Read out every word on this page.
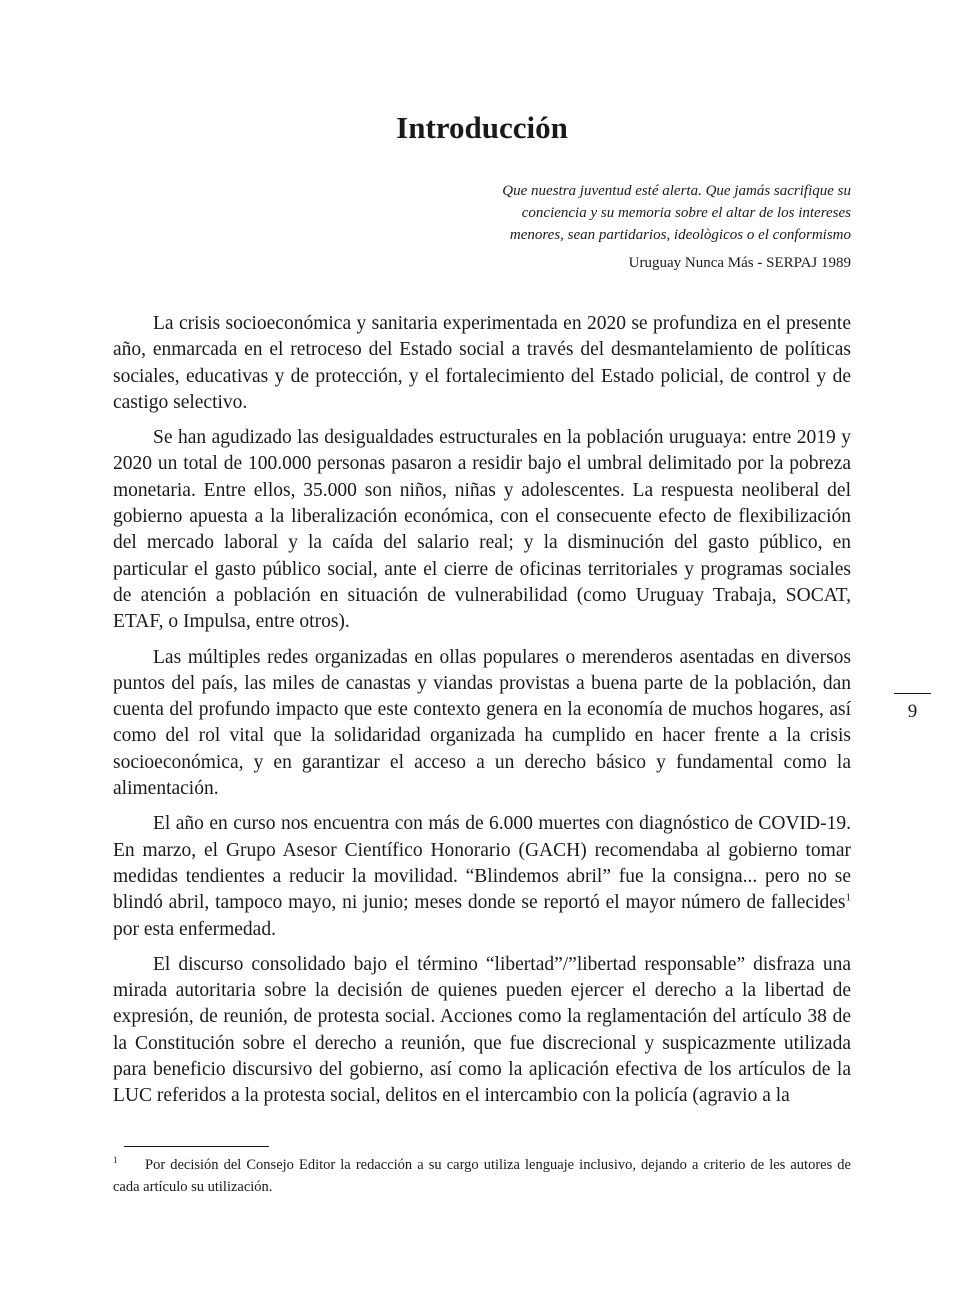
Introducción

Que nuestra juventud esté alerta. Que jamás sacrifique su
conciencia y su memoria sobre el altar de los intereses
menores, sean partidarios, ideològicos o el conformismo

Uruguay Nunca Más - SERPAJ 1989

La crisis socioeconómica y sanitaria experimentada en 2020 se profundiza en el presente año, enmarcada en el retroceso del Estado social a través del desmantelamiento de políticas sociales, educativas y de protección, y el fortalecimiento del Estado policial, de control y de castigo selectivo.

Se han agudizado las desigualdades estructurales en la población uruguaya: entre 2019 y 2020 un total de 100.000 personas pasaron a residir bajo el umbral delimitado por la pobreza monetaria. Entre ellos, 35.000 son niños, niñas y adolescentes. La respuesta neoliberal del gobierno apuesta a la liberalización económica, con el consecuente efecto de flexibilización del mercado laboral y la caída del salario real; y la disminución del gasto público, en particular el gasto público social, ante el cierre de oficinas territoriales y programas sociales de atención a población en situación de vulnerabilidad (como Uruguay Trabaja, SOCAT, ETAF, o Impulsa, entre otros).

Las múltiples redes organizadas en ollas populares o merenderos asentadas en diversos puntos del país, las miles de canastas y viandas provistas a buena parte de la población, dan cuenta del profundo impacto que este contexto genera en la economía de muchos hogares, así como del rol vital que la solidaridad organizada ha cumplido en hacer frente a la crisis socioeconómica, y en garantizar el acceso a un derecho básico y fundamental como la alimentación.

El año en curso nos encuentra con más de 6.000 muertes con diagnóstico de COVID-19. En marzo, el Grupo Asesor Científico Honorario (GACH) recomendaba al gobierno tomar medidas tendientes a reducir la movilidad. “Blindemos abril” fue la consigna... pero no se blindó abril, tampoco mayo, ni junio; meses donde se reportó el mayor número de fallecides$^1$ por esta enfermedad.

El discurso consolidado bajo el término “libertad”/”libertad responsable” disfraza una mirada autoritaria sobre la decisión de quienes pueden ejercer el derecho a la libertad de expresión, de reunión, de protesta social. Acciones como la reglamentación del artículo 38 de la Constitución sobre el derecho a reunión, que fue discrecional y suspicazmente utilizada para beneficio discursivo del gobierno, así como la aplicación efectiva de los artículos de la LUC referidos a la protesta social, delitos en el intercambio con la policía (agravio a la

9

1 Por decisión del Consejo Editor la redacción a su cargo utiliza lenguaje inclusivo, dejando a criterio de les autores de cada artículo su utilización.
